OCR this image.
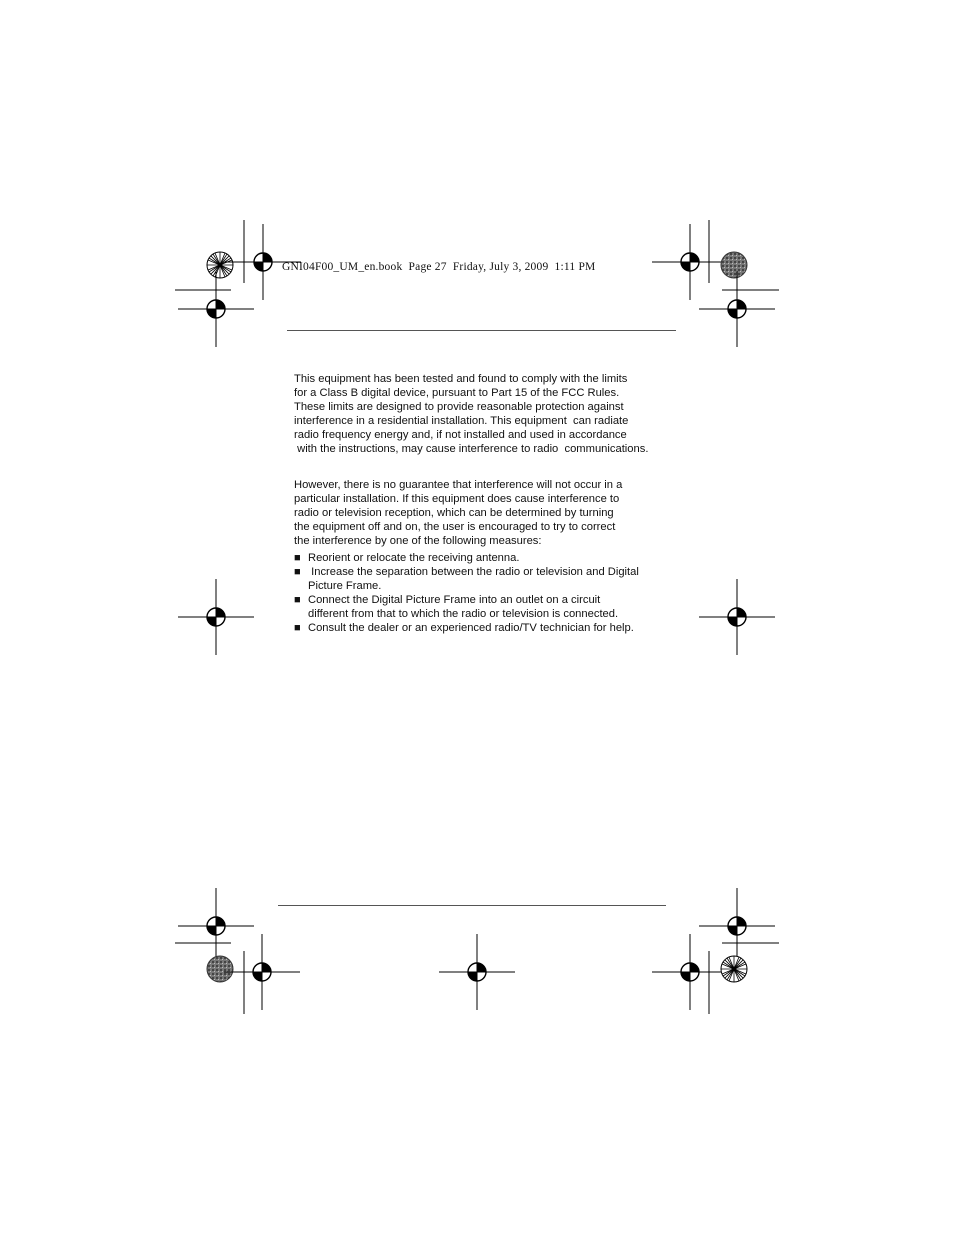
GNI04F00_UM_en.book  Page 27  Friday, July 3, 2009  1:11 PM

This equipment has been tested and found to comply with the limits

for a Class B digital device, pursuant to Part 15 of the FCC Rules.

These limits are designed to provide reasonable protection against

interference in a residential installation. This equipment  can radiate

radio frequency energy and, if not installed and used in accordance

with the instructions, may cause interference to radio  communications.

However, there is no guarantee that interference will not occur in a

particular installation. If this equipment does cause interference to

radio or television reception, which can be determined by turning

the equipment off and on, the user is encouraged to try to correct

the interference by one of the following measures:

■ Reorient or relocate the receiving antenna.
■ Increase the separation between the radio or television and Digital
Picture Frame.
■ Connect the Digital Picture Frame into an outlet on a circuit
different from that to which the radio or television is connected.
■ Consult the dealer or an experienced radio/TV technician for help.
